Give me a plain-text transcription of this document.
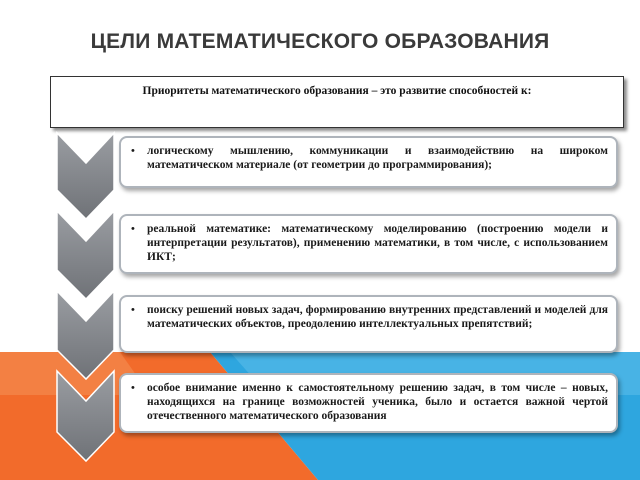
ЦЕЛИ МАТЕМАТИЧЕСКОГО ОБРАЗОВАНИЯ
Приоритеты математического образования – это развитие способностей к:
• логическому мышлению, коммуникации и взаимодействию на широком математическом материале (от геометрии до программирования);
• реальной математике: математическому моделированию (построению модели и интерпретации результатов), применению математики, в том числе, с использованием ИКТ;
• поиску решений новых задач, формированию внутренних представлений и моделей для математических объектов, преодолению интеллектуальных препятствий;
• особое внимание именно к самостоятельному решению задач, в том числе – новых, находящихся на границе возможностей ученика, было и остается важной чертой отечественного математического образования
